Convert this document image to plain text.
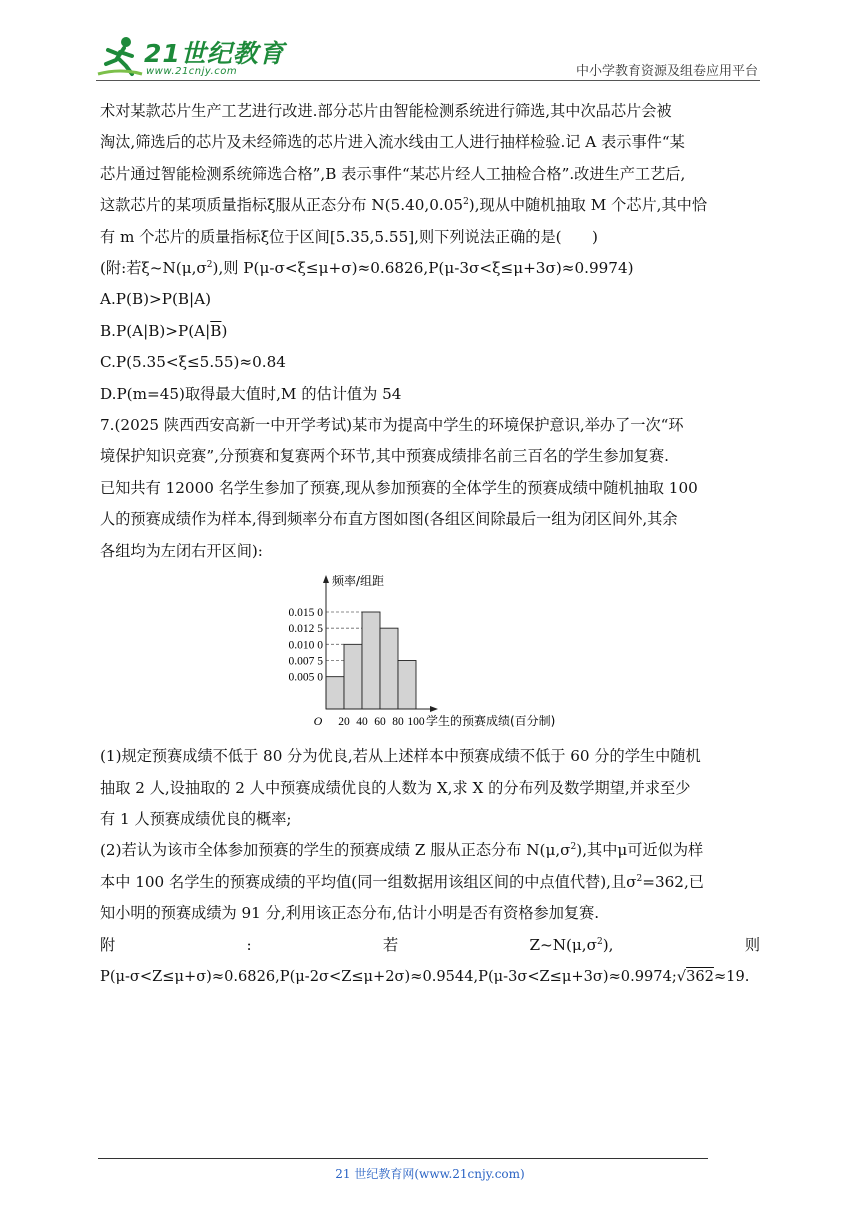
21世纪教育
www.21cnjy.com	中小学教育资源及组卷应用平台

术对某款芯片生产工艺进行改进.部分芯片由智能检测系统进行筛选,其中次品芯片会被

淘汰,筛选后的芯片及未经筛选的芯片进入流水线由工人进行抽样检验.记 A 表示事件“某

芯片通过智能检测系统筛选合格”,B 表示事件“某芯片经人工抽检合格”.改进生产工艺后,

这款芯片的某项质量指标ξ服从正态分布 N(5.40,0.05$^2$),现从中随机抽取 M 个芯片,其中恰

有 m 个芯片的质量指标ξ位于区间[5.35,5.55],则下列说法正确的是(　　)

(附:若$\xi\sim N(\mu,\sigma^2)$,则 P(μ-σ<ξ≤μ+σ)≈0.6826,P(μ-3σ<ξ≤μ+3σ)≈0.9974)

A.P(B)>P(B|A)

$B.P(A|B)>P(A|\overline{B})$

C.P(5.35<ξ≤5.55)≈0.84

D.P(m=45)取得最大值时,M 的估计值为 54

7.(2025 陕西西安高新一中开学考试)某市为提高中学生的环境保护意识,举办了一次“环

境保护知识竞赛”,分预赛和复赛两个环节,其中预赛成绩排名前三百名的学生参加复赛.

已知共有 12000 名学生参加了预赛,现从参加预赛的全体学生的预赛成绩中随机抽取 100

人的预赛成绩作为样本,得到频率分布直方图如图(各组区间除最后一组为闭区间外,其余

各组均为左闭右开区间):

0.005 0
0.007 5
0.010 0
0.012 5
0.015 0
20 40 60 80 100
O
频率/组距
学生的预赛成绩(百分制)

(1)规定预赛成绩不低于 80 分为优良,若从上述样本中预赛成绩不低于 60 分的学生中随机

抽取 2 人,设抽取的 2 人中预赛成绩优良的人数为 X,求 X 的分布列及数学期望,并求至少

有 1 人预赛成绩优良的概率;

(2)若认为该市全体参加预赛的学生的预赛成绩 Z 服从正态分布 $N(\mu,\sigma^2)$,其中μ可近似为样

本中 100 名学生的预赛成绩的平均值(同一组数据用该组区间的中点值代替),且$\sigma^2=362$,已

知小明的预赛成绩为 91 分,利用该正态分布,估计小明是否有资格参加复赛.

附	:	若	$Z\sim N(\mu,\sigma^2)$,	则

P(μ-σ<Z≤μ+σ)≈0.6826,P(μ-2σ<Z≤μ+2σ)≈0.9544,P(μ-3σ<Z≤μ+3σ)≈0.9974;√362≈19.

21 世纪教育网(www.21cnjy.com)
